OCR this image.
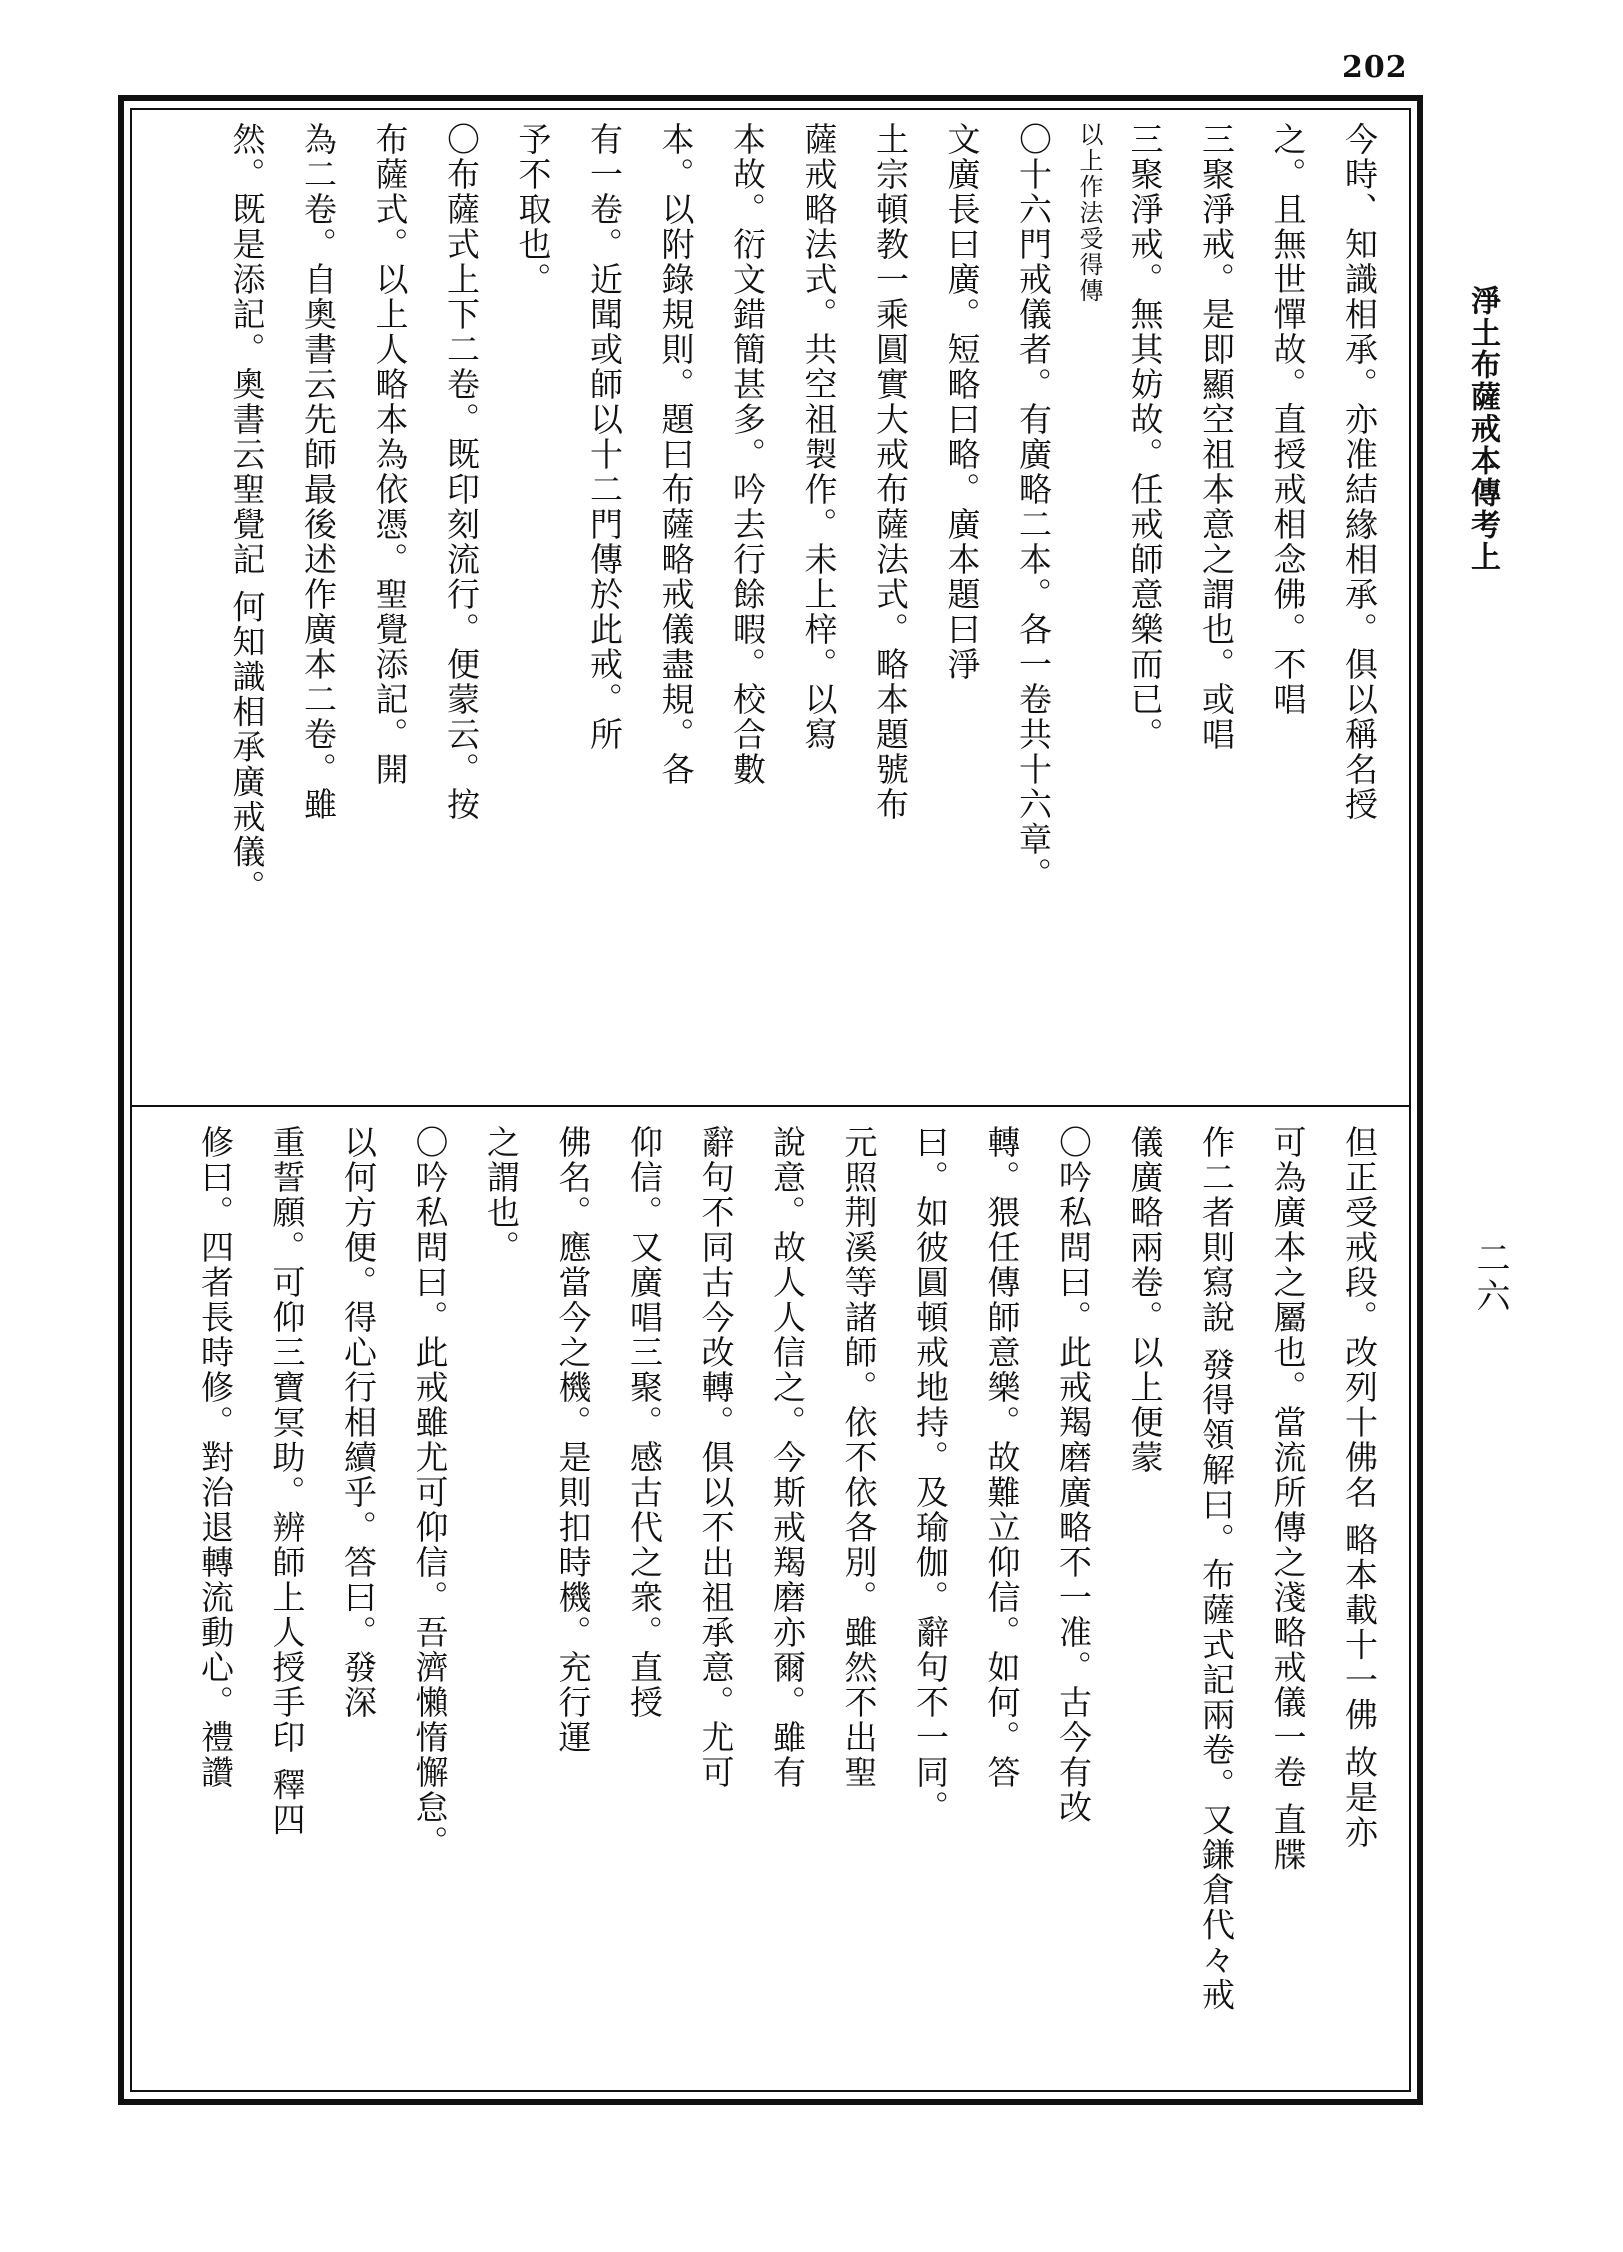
202
淨土布薩戒本傳考上
二六
今時、知識相承。亦准結緣相承。俱以稱名授
之。且無世憚故。直授戒相念佛。不唱
三聚淨戒。是即顯空祖本意之謂也。或唱
三聚淨戒。無其妨故。任戒師意樂而已。
以上作法受得傳
〇十六門戒儀者。有廣略二本。各一卷共十六章。
文廣長曰廣。短略曰略。廣本題曰淨
土宗頓教一乘圓實大戒布薩法式。略本題號布
薩戒略法式。共空祖製作。未上梓。以寫
本故。衍文錯簡甚多。吟去行餘暇。校合數
本。以附錄規則。題曰布薩略戒儀盡規。各
有一卷。近聞或師以十二門傳於此戒。所
予不取也。
〇布薩式上下二卷。既印刻流行。便蒙云。按
布薩式。以上人略本為依憑。聖覺添記。開
為二卷。自奧書云先師最後述作廣本二卷。雖
然。既是添記。奧書云聖覺記 何知識相承廣戒儀。
但正受戒段。改列十佛名 略本載十一佛 故是亦
可為廣本之屬也。當流所傳之淺略戒儀一卷 直牒
作二者則寫說 發得領解曰。布薩式記兩卷。又鎌倉代々戒
儀廣略兩卷。以上便蒙
〇吟私問曰。此戒羯磨廣略不一准。古今有改
轉。猥任傳師意樂。故難立仰信。如何。答
曰。如彼圓頓戒地持。及瑜伽。辭句不一同。
元照荆溪等諸師。依不依各別。雖然不出聖
說意。故人人信之。今斯戒羯磨亦爾。雖有
辭句不同古今改轉。俱以不出祖承意。尤可
仰信。又廣唱三聚。感古代之衆。直授
佛名。應當今之機。是則扣時機。充行運
之謂也。
〇吟私問曰。此戒雖尤可仰信。吾濟懶惰懈怠。
以何方便。得心行相續乎。答曰。發深
重誓願。可仰三寶冥助。辨師上人授手印 釋四
修曰。四者長時修。對治退轉流動心。禮讚
